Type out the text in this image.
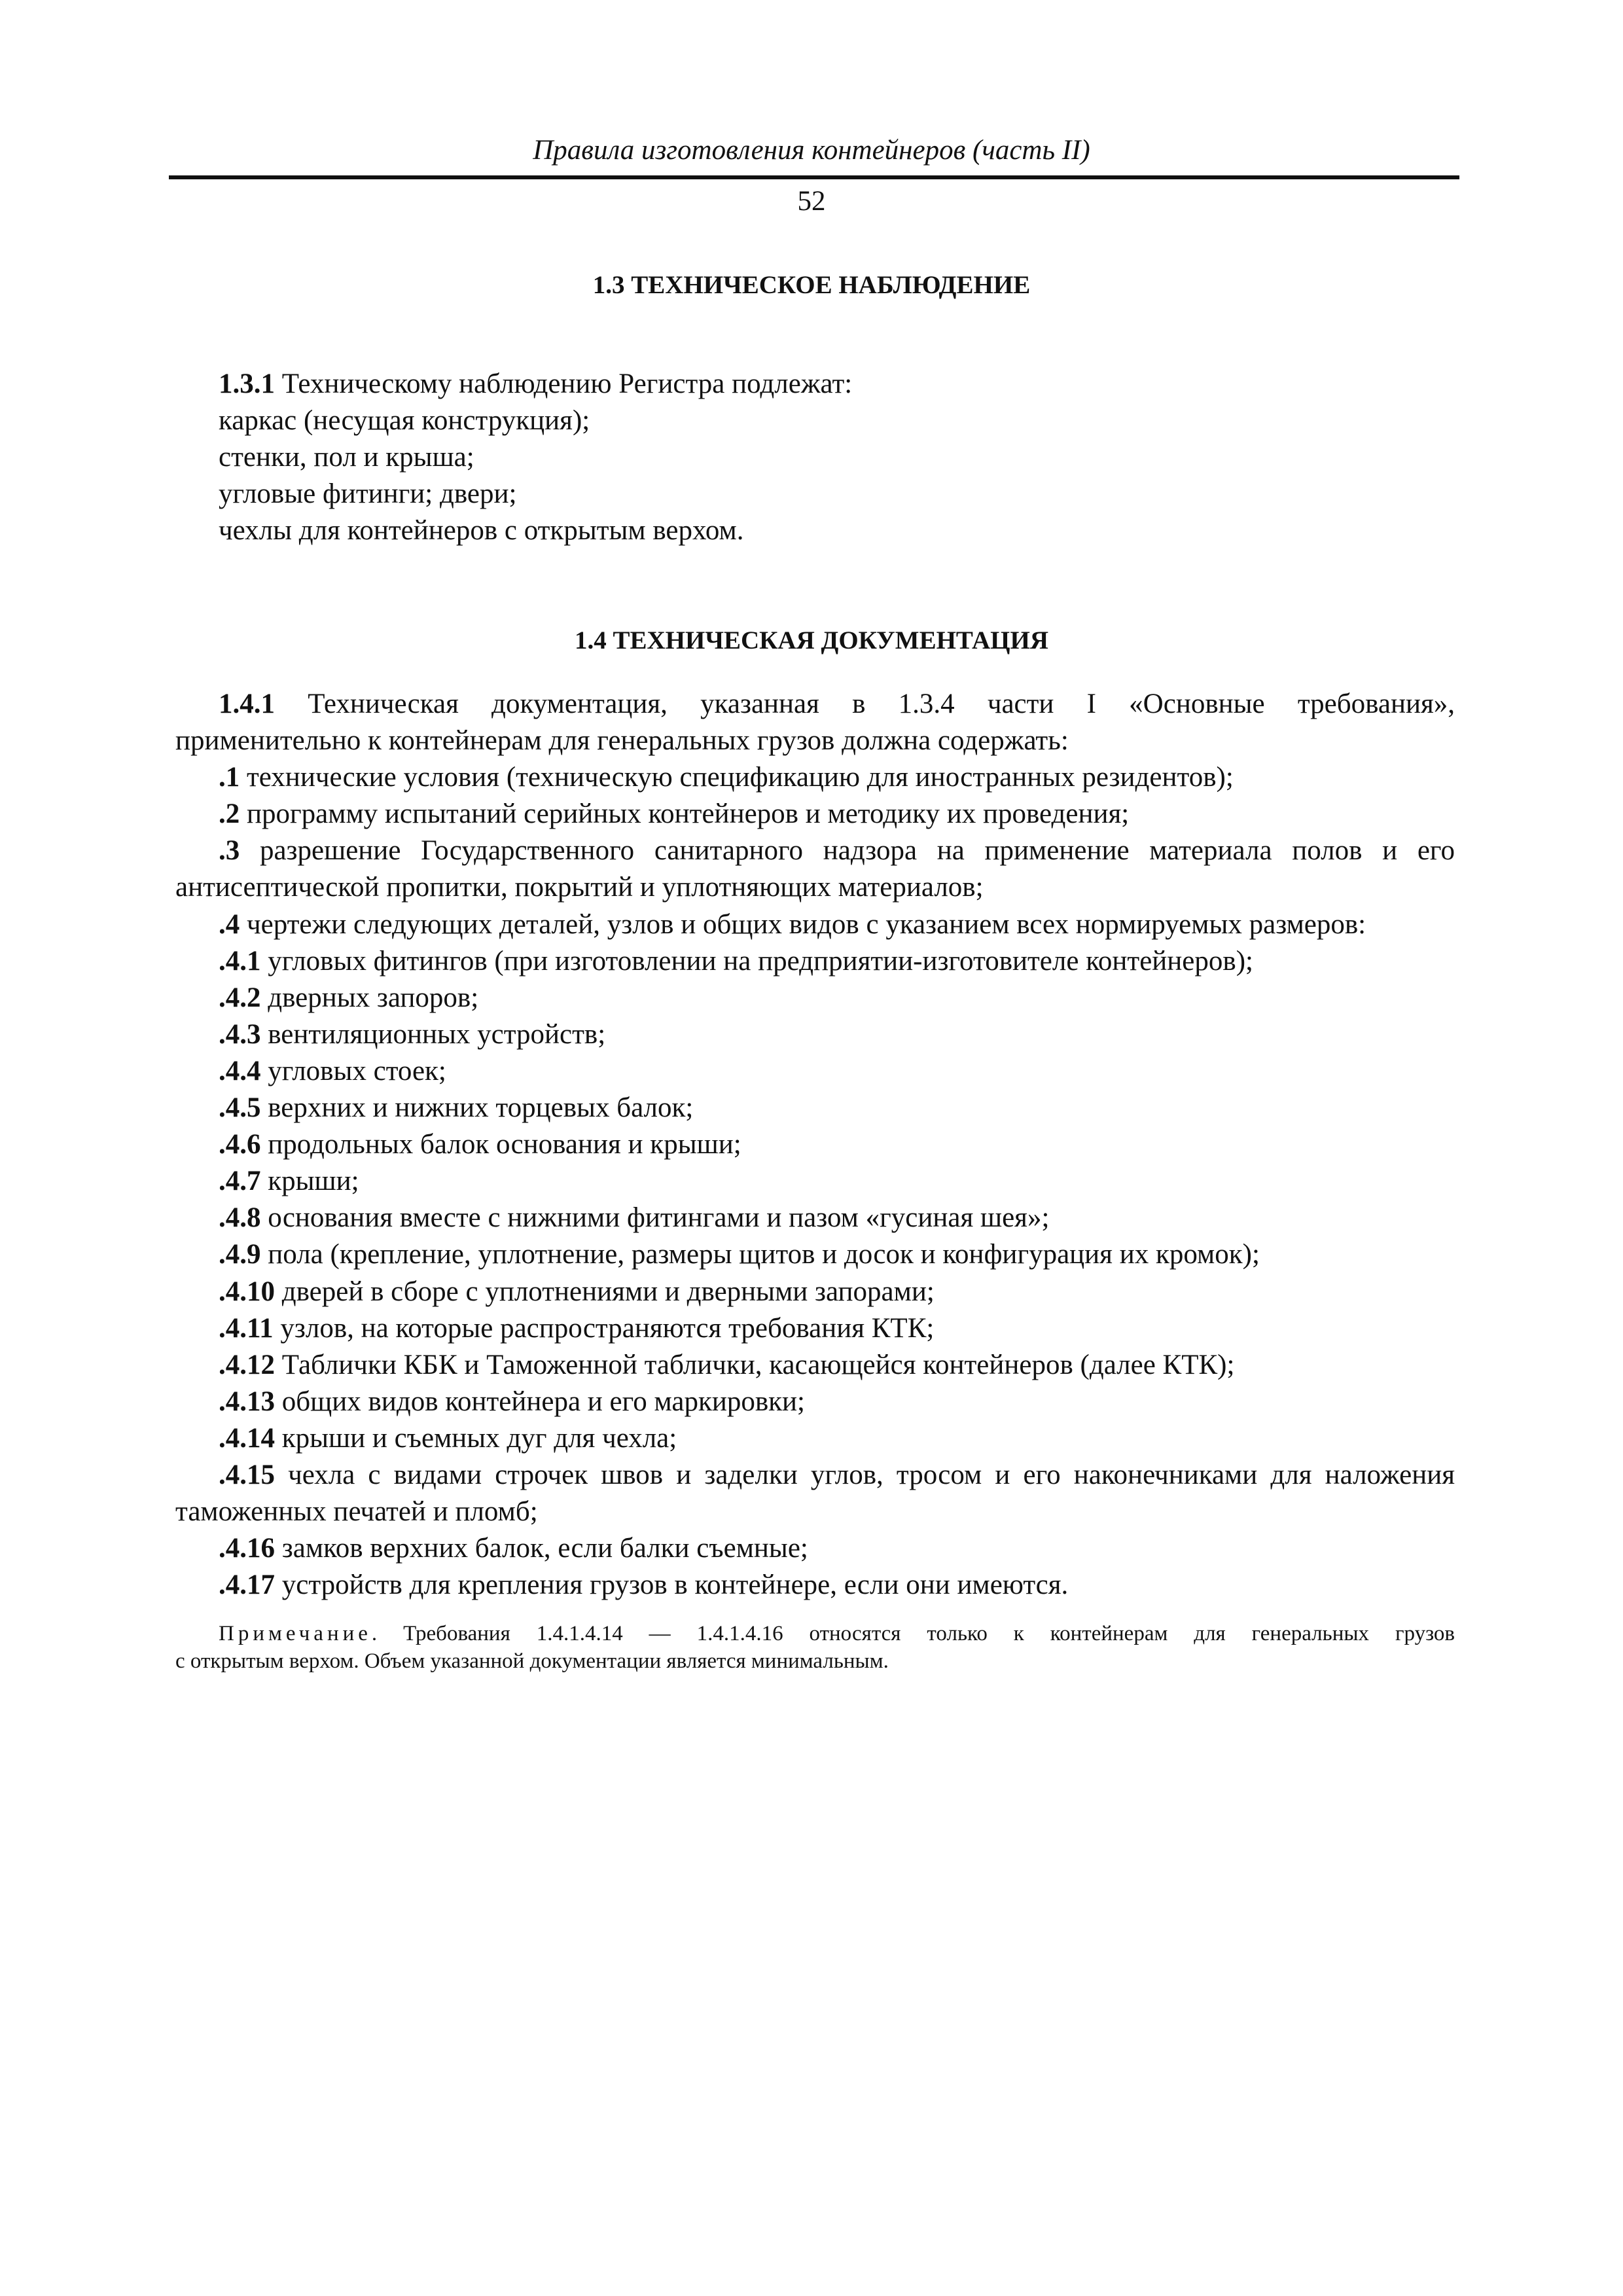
Правила изготовления контейнеров (часть II)
52
1.3 ТЕХНИЧЕСКОЕ НАБЛЮДЕНИЕ
1.3.1 Техническому наблюдению Регистра подлежат:
каркас (несущая конструкция);
стенки, пол и крыша;
угловые фитинги; двери;
чехлы для контейнеров с открытым верхом.
1.4 ТЕХНИЧЕСКАЯ ДОКУМЕНТАЦИЯ
1.4.1 Техническая документация, указанная в 1.3.4 части I «Основные требования»,
применительно к контейнерам для генеральных грузов должна содержать:
.1 технические условия (техническую спецификацию для иностранных резидентов);
.2 программу испытаний серийных контейнеров и методику их проведения;
.3 разрешение Государственного санитарного надзора на применение материала полов и его
антисептической пропитки, покрытий и уплотняющих материалов;
.4 чертежи следующих деталей, узлов и общих видов с указанием всех нормируемых размеров:
.4.1 угловых фитингов (при изготовлении на предприятии-изготовителе контейнеров);
.4.2 дверных запоров;
.4.3 вентиляционных устройств;
.4.4 угловых стоек;
.4.5 верхних и нижних торцевых балок;
.4.6 продольных балок основания и крыши;
.4.7 крыши;
.4.8 основания вместе с нижними фитингами и пазом «гусиная шея»;
.4.9 пола (крепление, уплотнение, размеры щитов и досок и конфигурация их кромок);
.4.10 дверей в сборе с уплотнениями и дверными запорами;
.4.11 узлов, на которые распространяются требования КТК;
.4.12 Таблички КБК и Таможенной таблички, касающейся контейнеров (далее КТК);
.4.13 общих видов контейнера и его маркировки;
.4.14 крыши и съемных дуг для чехла;
.4.15 чехла с видами строчек швов и заделки углов, тросом и его наконечниками для наложения
таможенных печатей и пломб;
.4.16 замков верхних балок, если балки съемные;
.4.17 устройств для крепления грузов в контейнере, если они имеются.
Примечание. Требования 1.4.1.4.14 — 1.4.1.4.16 относятся только к контейнерам для генеральных грузов
с открытым верхом. Объем указанной документации является минимальным.
